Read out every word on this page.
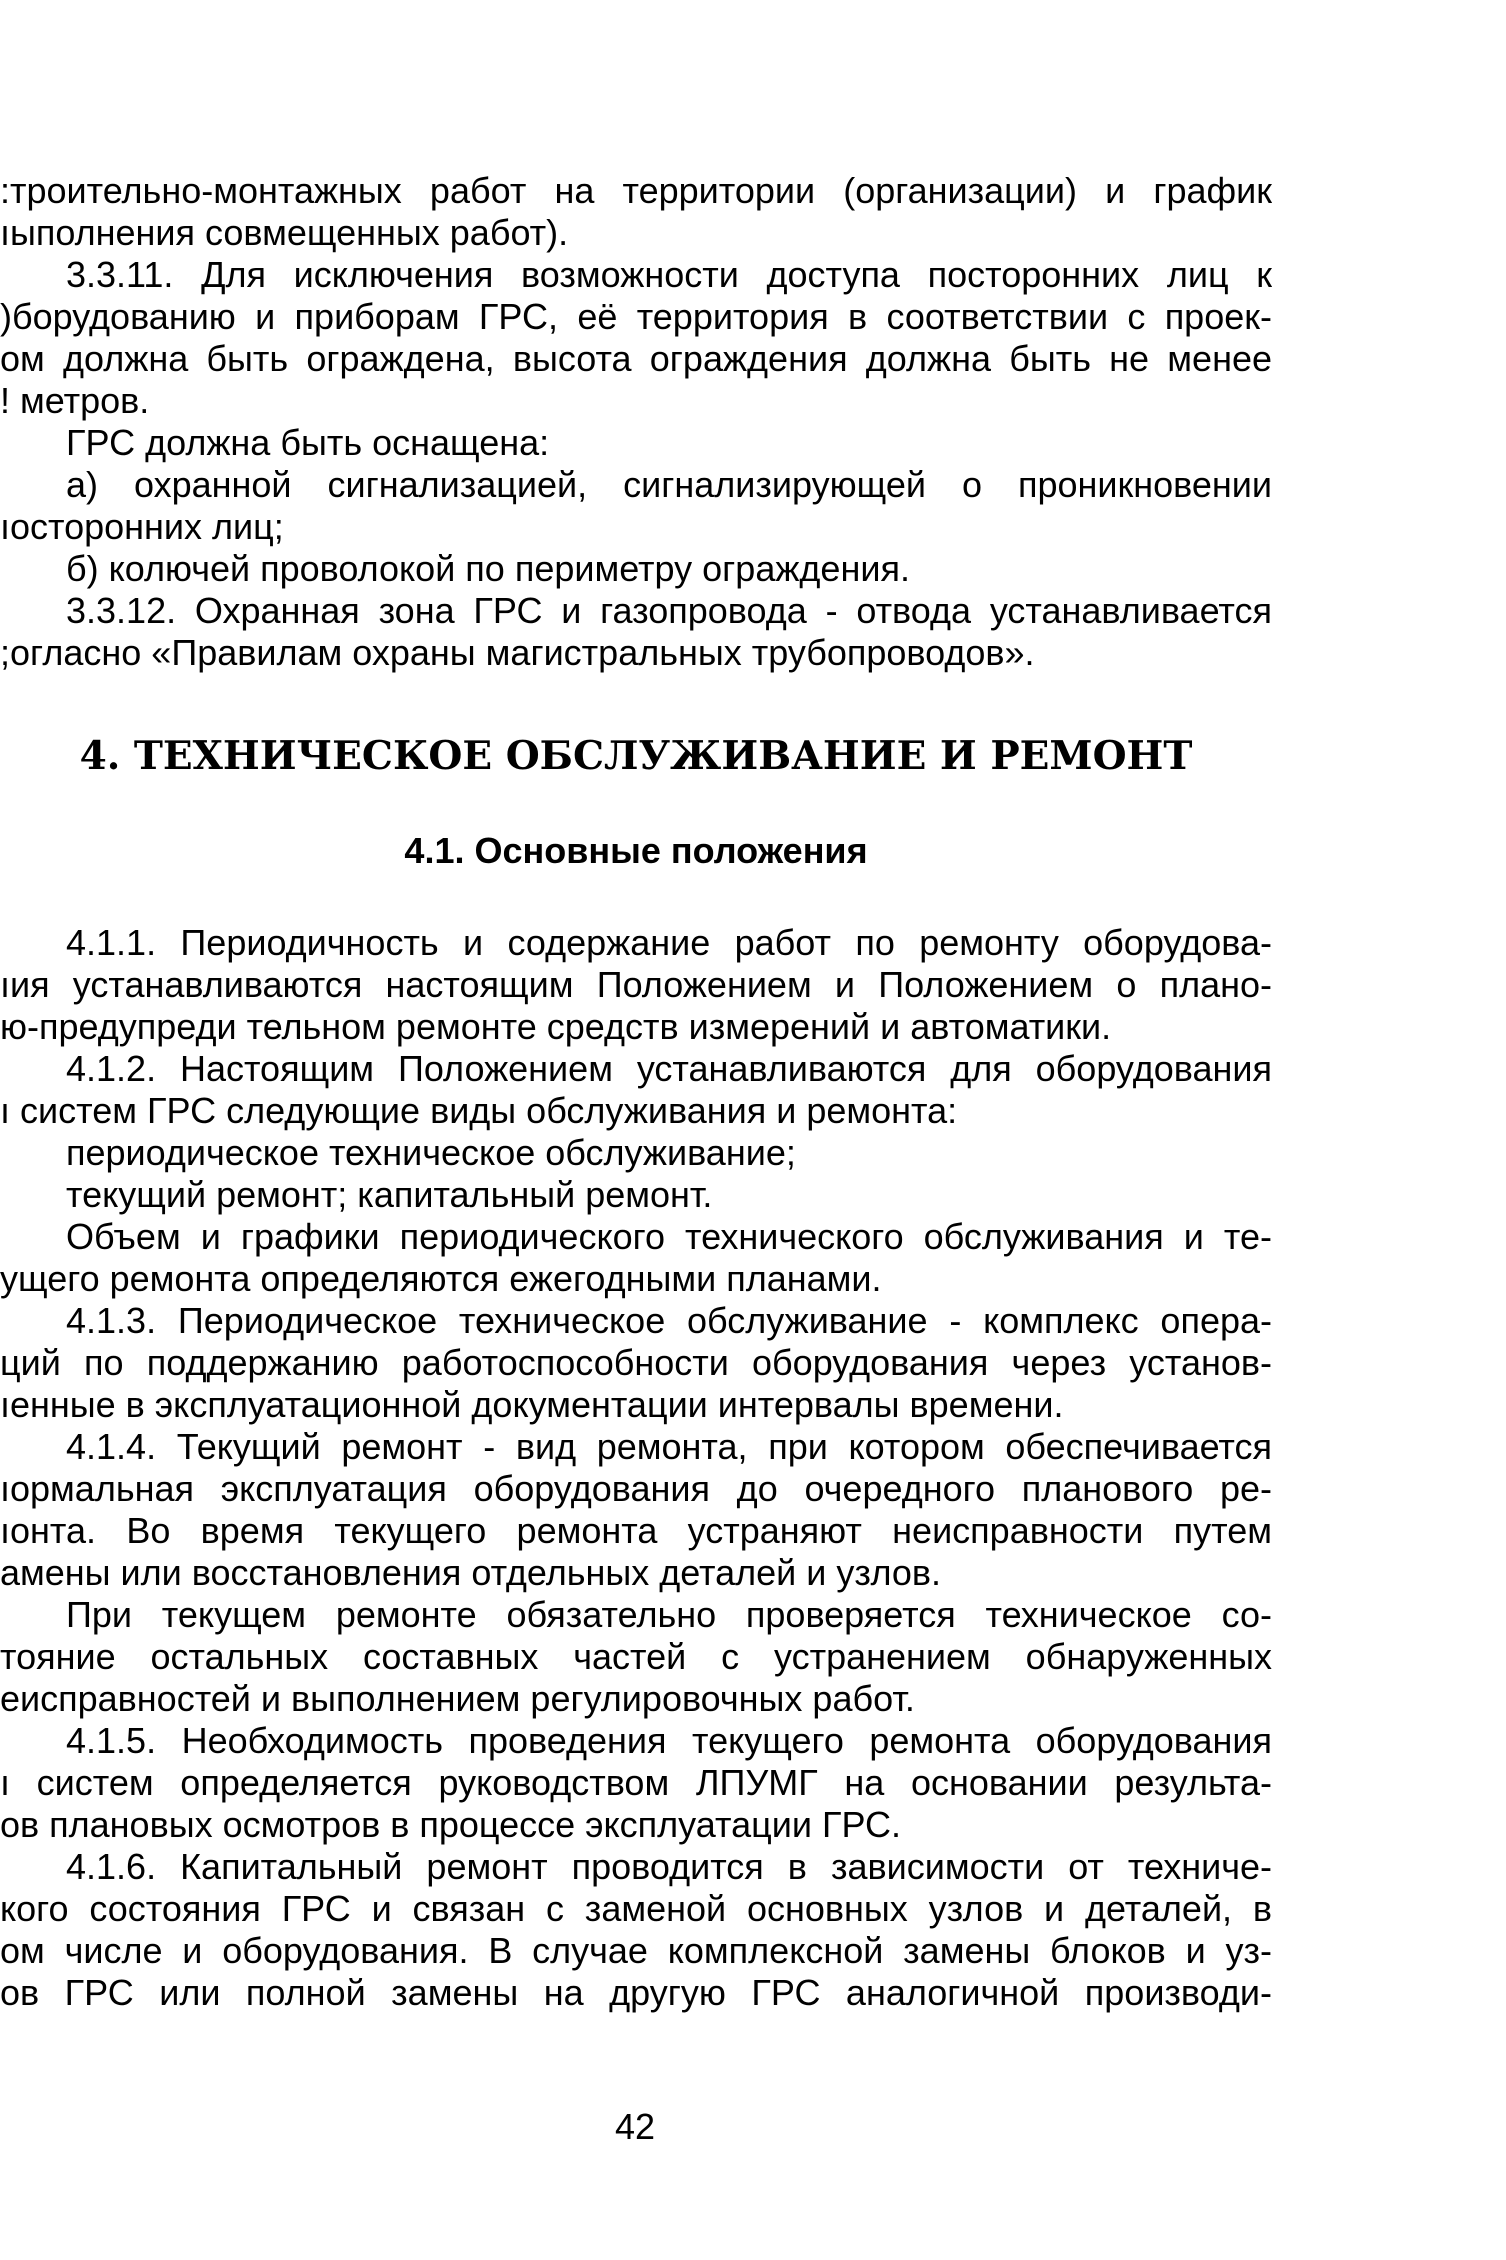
:троительно-монтажных работ на территории (организации) и график
ıыполнения совмещенных работ).
3.3.11. Для исключения возможности доступа посторонних лиц к
)борудованию и приборам ГРС, её территория в соответствии с проек-
ом должна быть ограждена, высота ограждения должна быть не менее
! метров.
ГРС должна быть оснащена:
а) охранной сигнализацией, сигнализирующей о проникновении
ıосторонних лиц;
б) колючей проволокой по периметру ограждения.
3.3.12. Охранная зона ГРС и газопровода - отвода устанавливается
;огласно «Правилам охраны магистральных трубопроводов».
4. ТЕХНИЧЕСКОЕ ОБСЛУЖИВАНИЕ И РЕМОНТ
4.1. Основные положения
4.1.1. Периодичность и содержание работ по ремонту оборудова-
ıия устанавливаются настоящим Положением и Положением о плано-
ю-предупреди тельном ремонте средств измерений и автоматики.
4.1.2. Настоящим Положением устанавливаются для оборудования
ı систем ГРС следующие виды обслуживания и ремонта:
периодическое техническое обслуживание;
текущий ремонт; капитальный ремонт.
Объем и графики периодического технического обслуживания и те-
ущего ремонта определяются ежегодными планами.
4.1.3. Периодическое техническое обслуживание - комплекс опера-
ций по поддержанию работоспособности оборудования через установ-
ıенные в эксплуатационной документации интервалы времени.
4.1.4. Текущий ремонт - вид ремонта, при котором обеспечивается
ıормальная эксплуатация оборудования до очередного планового ре-
ıонта. Во время текущего ремонта устраняют неисправности путем
амены или восстановления отдельных деталей и узлов.
При текущем ремонте обязательно проверяется техническое со-
тояние остальных составных частей с устранением обнаруженных
еисправностей и выполнением регулировочных работ.
4.1.5. Необходимость проведения текущего ремонта оборудования
ı систем определяется руководством ЛПУМГ на основании результа-
ов плановых осмотров в процессе эксплуатации ГРС.
4.1.6. Капитальный ремонт проводится в зависимости от техниче-
кого состояния ГРС и связан с заменой основных узлов и деталей, в
ом числе и оборудования. В случае комплексной замены блоков и уз-
ов ГРС или полной замены на другую ГРС аналогичной производи-
42
